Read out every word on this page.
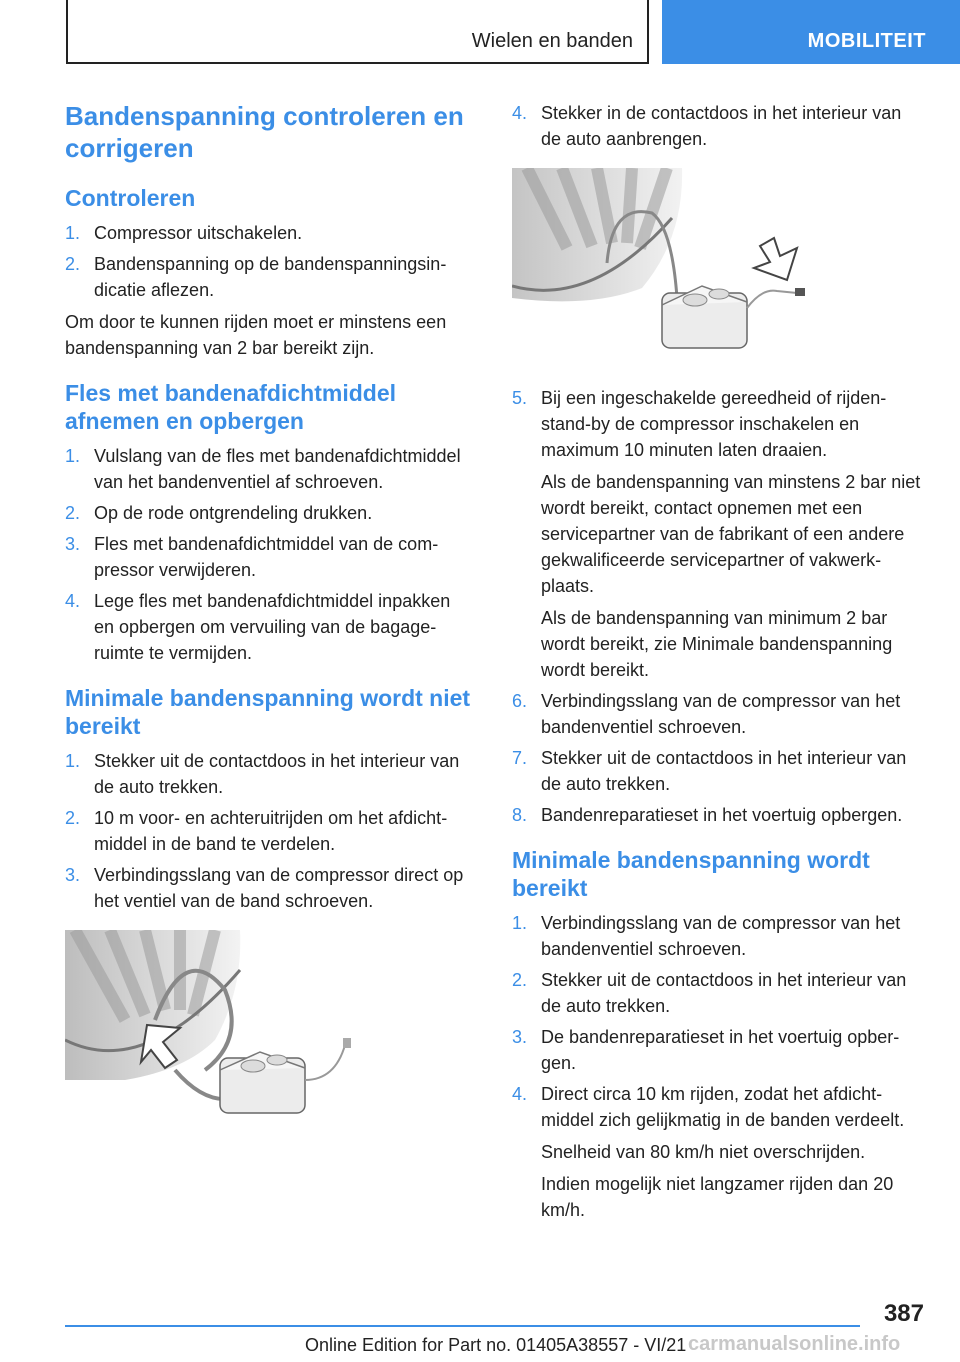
Wielen en banden	MOBILITEIT
Bandenspanning controleren en corrigeren
Controleren
1. Compressor uitschakelen.
2. Bandenspanning op de bandenspanningsindicatie aflezen.

Om door te kunnen rijden moet er minstens een bandenspanning van 2 bar bereikt zijn.

Fles met bandenafdichtmiddel afnemen en opbergen
1. Vulslang van de fles met bandenafdichtmiddel van het bandenventiel af schroeven.
2. Op de rode ontgrendeling drukken.
3. Fles met bandenafdichtmiddel van de compressor verwijderen.
4. Lege fles met bandenafdichtmiddel inpakken en opbergen om vervuiling van de bagageruimte te vermijden.
Minimale bandenspanning wordt niet bereikt
1. Stekker uit de contactdoos in het interieur van de auto trekken.
2. 10 m voor- en achteruitrijden om het afdichtmiddel in de band te verdelen.
3. Verbindingsslang van de compressor direct op het ventiel van de band schroeven.
4. Stekker in de contactdoos in het interieur van de auto aanbrengen.
5. Bij een ingeschakelde gereedheid of rijdenstand-by de compressor inschakelen en maximum 10 minuten laten draaien.
Als de bandenspanning van minstens 2 bar niet wordt bereikt, contact opnemen met een servicepartner van de fabrikant of een andere gekwalificeerde servicepartner of vakwerkplaats.
Als de bandenspanning van minimum 2 bar wordt bereikt, zie Minimale bandenspanning wordt bereikt.
6. Verbindingsslang van de compressor van het bandenventiel schroeven.
7. Stekker uit de contactdoos in het interieur van de auto trekken.
8. Bandenreparatieset in het voertuig opbergen.
Minimale bandenspanning wordt bereikt
1. Verbindingsslang van de compressor van het bandenventiel schroeven.
2. Stekker uit de contactdoos in het interieur van de auto trekken.
3. De bandenreparatieset in het voertuig opbergen.
4. Direct circa 10 km rijden, zodat het afdichtmiddel zich gelijkmatig in de banden verdeelt.
Snelheid van 80 km/h niet overschrijden.
Indien mogelijk niet langzamer rijden dan 20 km/h.
387
Online Edition for Part no. 01405A38557 - VI/21 carmanualsonline.info
